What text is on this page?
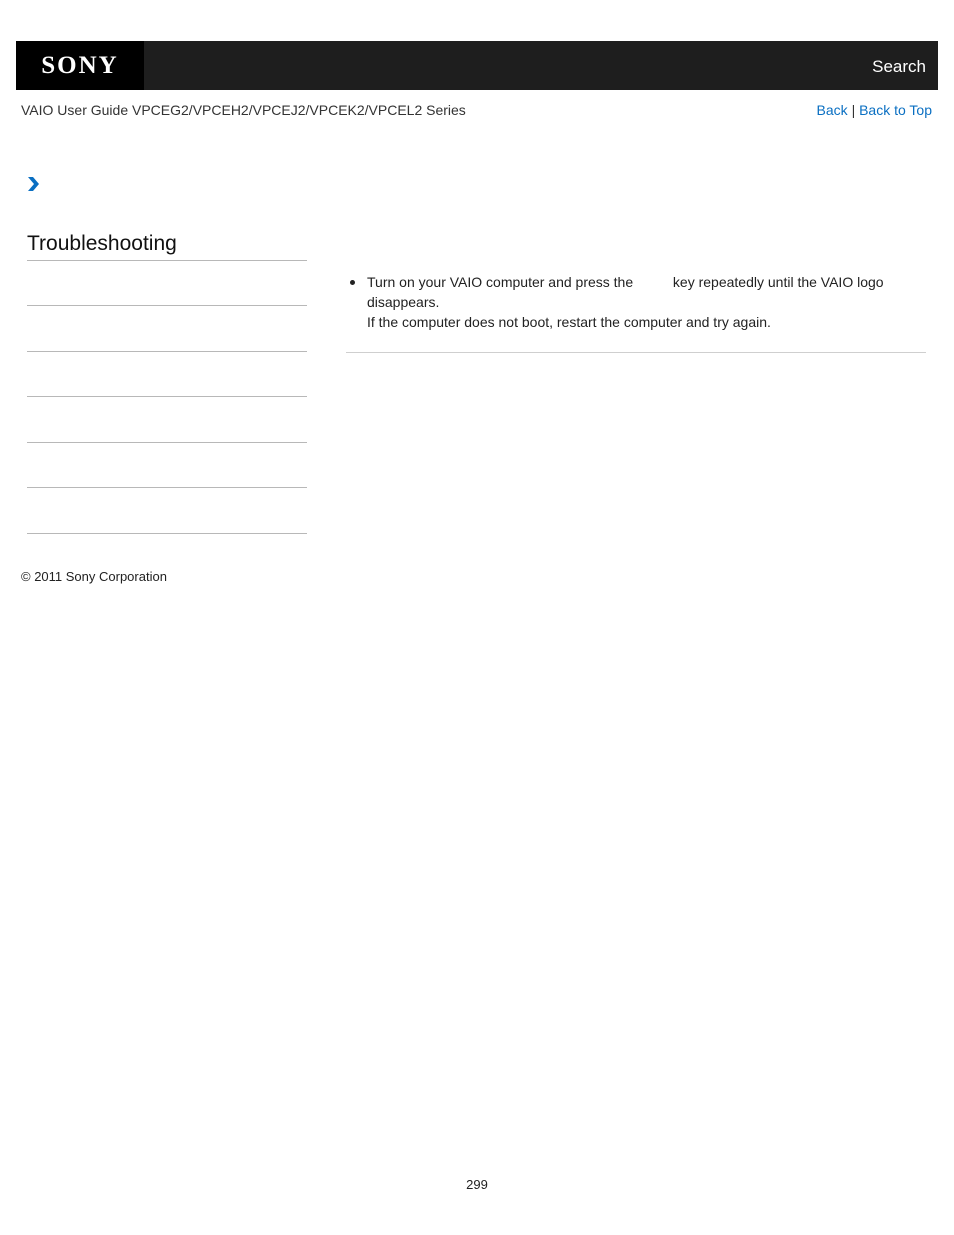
SONY	Search
VAIO User Guide VPCEG2/VPCEH2/VPCEJ2/VPCEK2/VPCEL2 Series	Back | Back to Top
Troubleshooting
Turn on your VAIO computer and press the	key repeatedly until the VAIO logo disappears.
If the computer does not boot, restart the computer and try again.
© 2011 Sony Corporation
299
